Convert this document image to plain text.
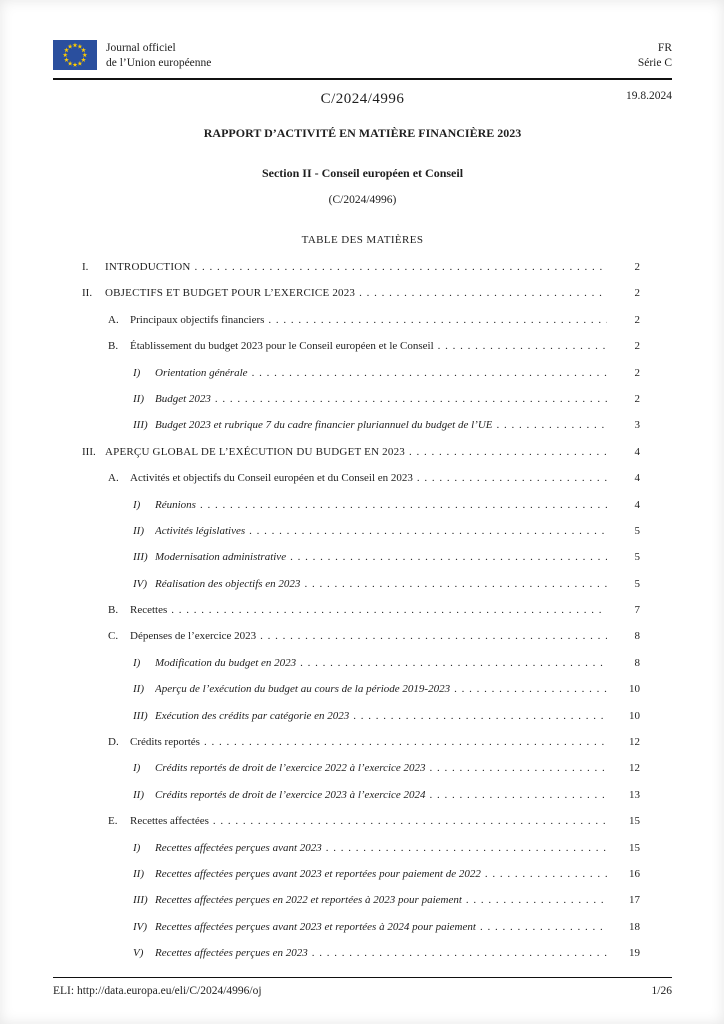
Journal officiel
de l’Union européenne
FR
Série C
C/2024/4996	19.8.2024
RAPPORT D’ACTIVITÉ EN MATIÈRE FINANCIÈRE 2023
Section II - Conseil européen et Conseil
(C/2024/4996)
TABLE DES MATIÈRES
I.	INTRODUCTION . . .	2
II.	OBJECTIFS ET BUDGET POUR L’EXERCICE 2023 . . .	2
A.	Principaux objectifs financiers . . .	2
B.	Établissement du budget 2023 pour le Conseil européen et le Conseil . . .	2
I)	Orientation générale . . .	2
II)	Budget 2023 . . .	2
III) Budget 2023 et rubrique 7 du cadre financier pluriannuel du budget de l’UE . . .	3
III. APERÇU GLOBAL DE L’EXÉCUTION DU BUDGET EN 2023 . . .	4
A.	Activités et objectifs du Conseil européen et du Conseil en 2023 . . .	4
I)	Réunions . . .	4
II)	Activités législatives . . .	5
III) Modernisation administrative . . .	5
IV) Réalisation des objectifs en 2023 . . .	5
B.	Recettes . . .	7
C.	Dépenses de l’exercice 2023 . . .	8
I)	Modification du budget en 2023 . . .	8
II)	Aperçu de l’exécution du budget au cours de la période 2019-2023 . . .	10
III) Exécution des crédits par catégorie en 2023 . . .	10
D.	Crédits reportés . . .	12
I)	Crédits reportés de droit de l’exercice 2022 à l’exercice 2023 . . .	12
II)	Crédits reportés de droit de l’exercice 2023 à l’exercice 2024 . . .	13
E.	Recettes affectées . . .	15
I)	Recettes affectées perçues avant 2023 . . .	15
II)	Recettes affectées perçues avant 2023 et reportées pour paiement de 2022 . . .	16
III) Recettes affectées perçues en 2022 et reportées à 2023 pour paiement . . .	17
IV) Recettes affectées perçues avant 2023 et reportées à 2024 pour paiement . . .	18
V)	Recettes affectées perçues en 2023 . . .	19
ELI: http://data.europa.eu/eli/C/2024/4996/oj	1/26
